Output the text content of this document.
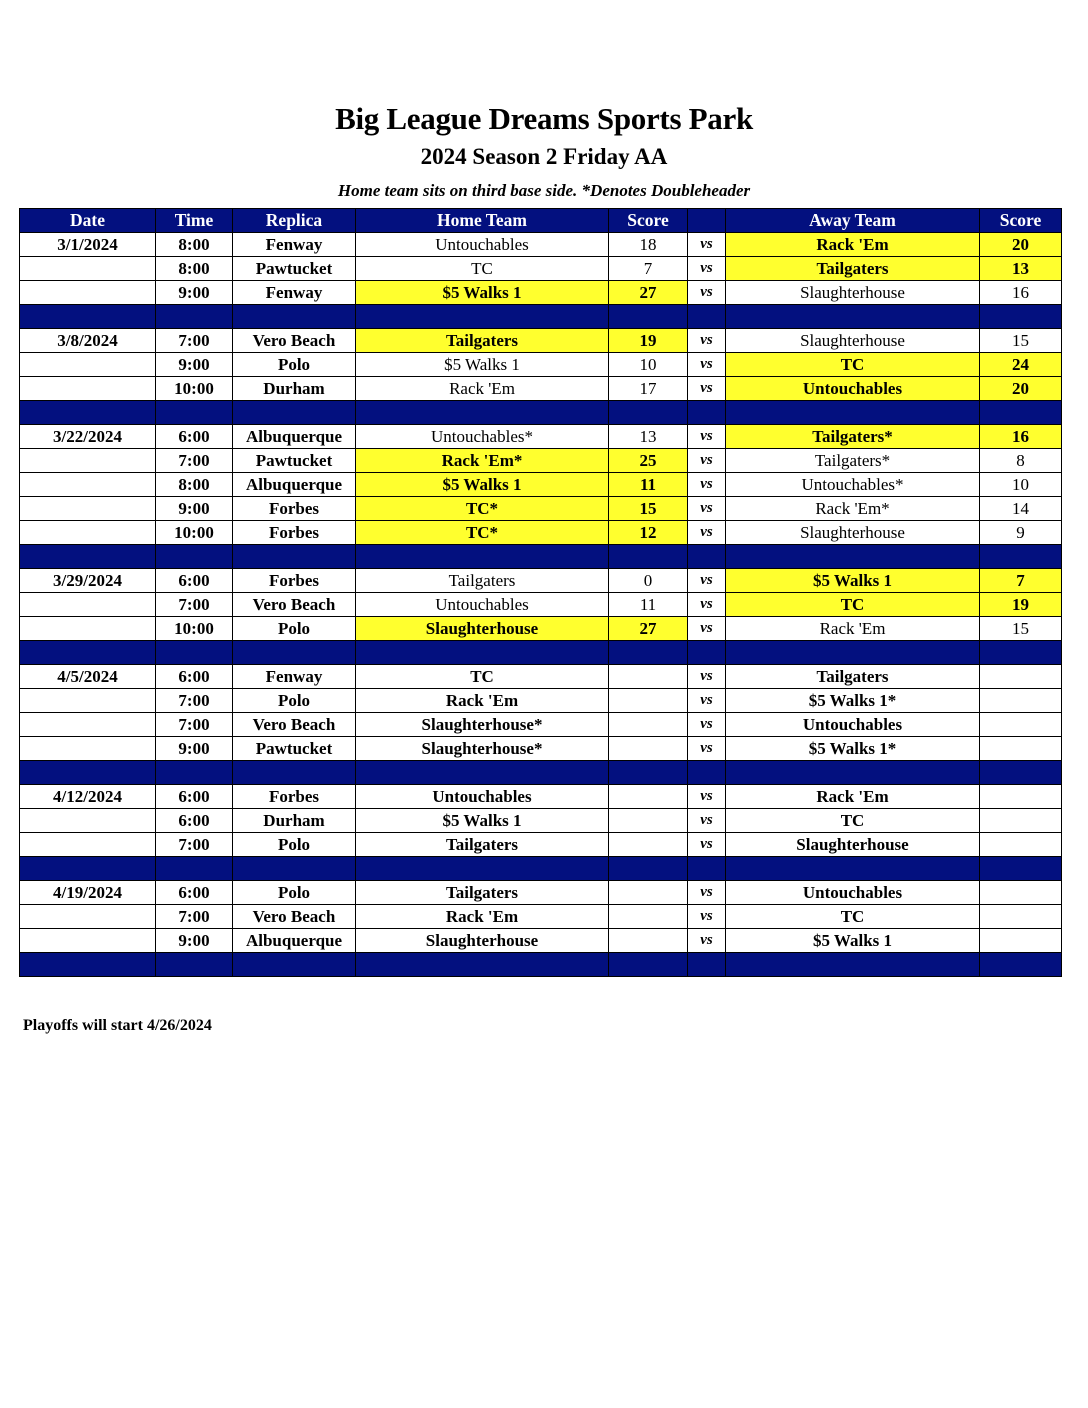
Big League Dreams Sports Park
2024 Season 2 Friday AA
Home team sits on third base side. *Denotes Doubleheader
Date	Time	Replica	Home Team	Score		Away Team	Score
3/1/2024	8:00	Fenway	Untouchables	18	vs	Rack 'Em	20
	8:00	Pawtucket	TC	7	vs	Tailgaters	13
	9:00	Fenway	$5 Walks 1	27	vs	Slaughterhouse	16

3/8/2024	7:00	Vero Beach	Tailgaters	19	vs	Slaughterhouse	15
	9:00	Polo	$5 Walks 1	10	vs	TC	24
	10:00	Durham	Rack 'Em	17	vs	Untouchables	20

3/22/2024	6:00	Albuquerque	Untouchables*	13	vs	Tailgaters*	16
	7:00	Pawtucket	Rack 'Em*	25	vs	Tailgaters*	8
	8:00	Albuquerque	$5 Walks 1	11	vs	Untouchables*	10
	9:00	Forbes	TC*	15	vs	Rack 'Em*	14
	10:00	Forbes	TC*	12	vs	Slaughterhouse	9

3/29/2024	6:00	Forbes	Tailgaters	0	vs	$5 Walks 1	7
	7:00	Vero Beach	Untouchables	11	vs	TC	19
	10:00	Polo	Slaughterhouse	27	vs	Rack 'Em	15

4/5/2024	6:00	Fenway	TC		vs	Tailgaters	
	7:00	Polo	Rack 'Em		vs	$5 Walks 1*	
	7:00	Vero Beach	Slaughterhouse*		vs	Untouchables	
	9:00	Pawtucket	Slaughterhouse*		vs	$5 Walks 1*	

4/12/2024	6:00	Forbes	Untouchables		vs	Rack 'Em	
	6:00	Durham	$5 Walks 1		vs	TC	
	7:00	Polo	Tailgaters		vs	Slaughterhouse	

4/19/2024	6:00	Polo	Tailgaters		vs	Untouchables	
	7:00	Vero Beach	Rack 'Em		vs	TC	
	9:00	Albuquerque	Slaughterhouse		vs	$5 Walks 1	

Playoffs will start 4/26/2024
